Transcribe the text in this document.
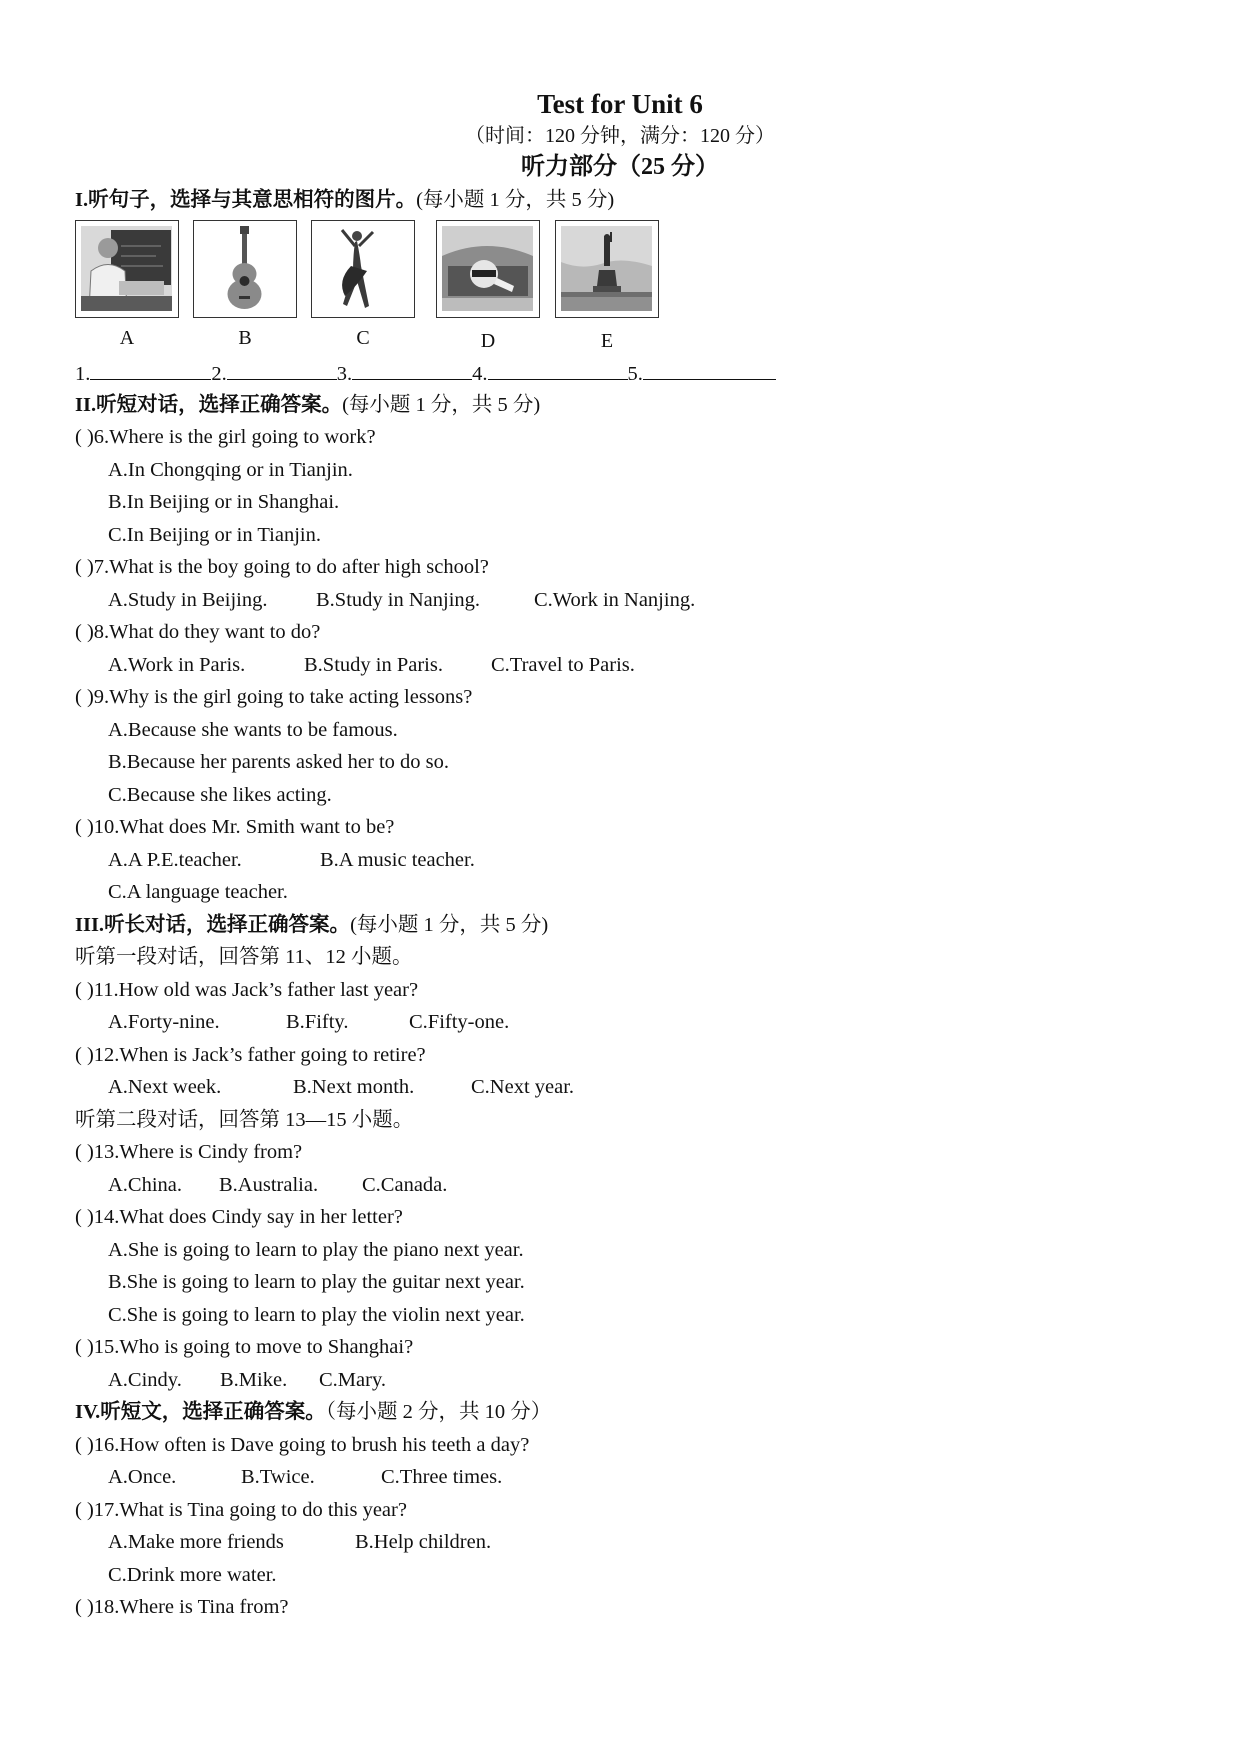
Test for Unit 6
（时间：120 分钟，满分：120 分）
听力部分（25 分）
I.听句子，选择与其意思相符的图片。(每小题 1 分，共 5 分)
A	B	C	D	E
1.	2.	3.	4.	5.
II.听短对话，选择正确答案。(每小题 1 分，共 5 分)
( )6.Where is the girl going to work?
A.In Chongqing or in Tianjin.
B.In Beijing or in Shanghai.
C.In Beijing or in Tianjin.
( )7.What is the boy going to do after high school?
A.Study in Beijing. B.Study in Nanjing.	C.Work in Nanjing.
( )8.What do they want to do?
A.Work in Paris.	B.Study in Paris. C.Travel to Paris.
( )9.Why is the girl going to take acting lessons?
A.Because she wants to be famous.
B.Because her parents asked her to do so.
C.Because she likes acting.
( )10.What does Mr. Smith want to be?
A.A P.E.teacher.	B.A music teacher.
C.A language teacher.
III.听长对话，选择正确答案。(每小题 1 分，共 5 分)
听第一段对话，回答第 11、12 小题。
( )11.How old was Jack’s father last year?
A.Forty-nine.	B.Fifty.	C.Fifty-one.
( )12.When is Jack’s father going to retire?
A.Next week.	B.Next month.	C.Next year.
听第二段对话，回答第 13—15 小题。
( )13.Where is Cindy from?
A.China. B.Australia. C.Canada.
( )14.What does Cindy say in her letter?
A.She is going to learn to play the piano next year.
B.She is going to learn to play the guitar next year.
C.She is going to learn to play the violin next year.
( )15.Who is going to move to Shanghai?
A.Cindy. B.Mike. C.Mary.
IV.听短文，选择正确答案。（每小题 2 分，共 10 分）
( )16.How often is Dave going to brush his teeth a day?
A.Once.	B.Twice.	C.Three times.
( )17.What is Tina going to do this year?
A.Make more friends	B.Help children.
C.Drink more water.
( )18.Where is Tina from?
